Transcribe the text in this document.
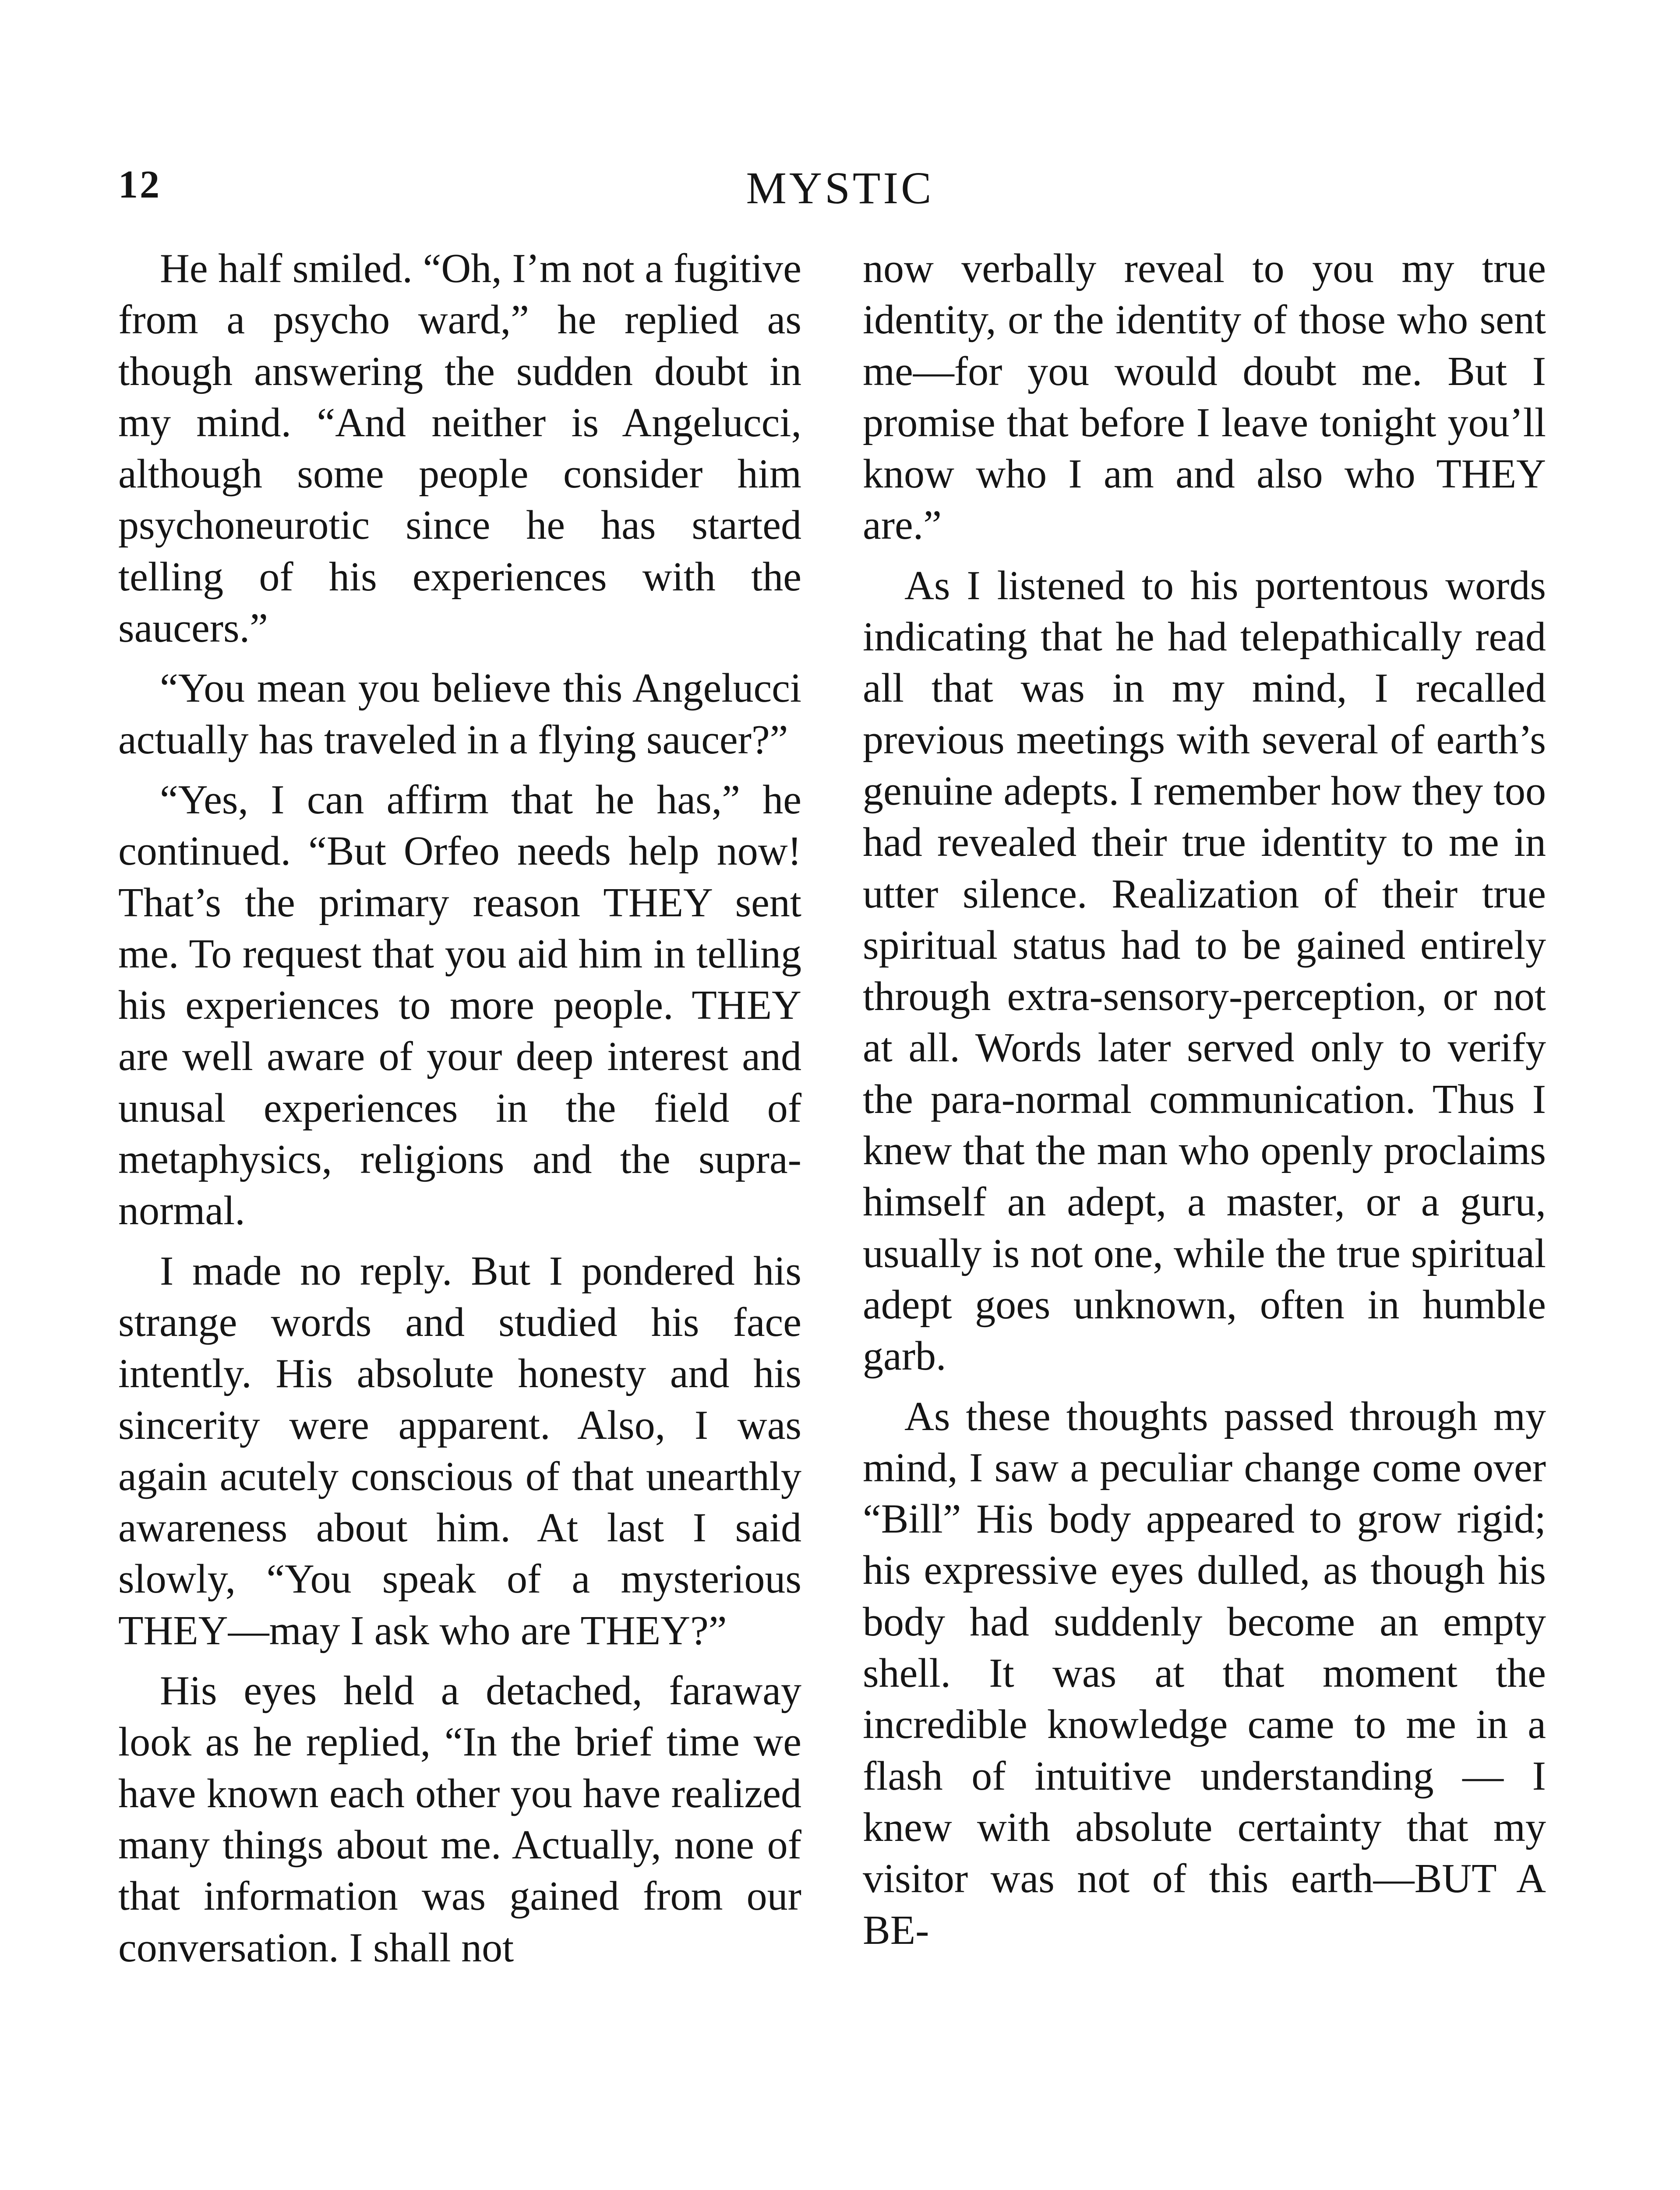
12	MYSTIC

He half smiled. “Oh, I’m not a fugitive from a psycho ward,” he replied as though answering the sudden doubt in my mind. “And neither is Angelucci, although some people consider him psychoneurotic since he has started telling of his experiences with the saucers.”

“You mean you believe this Angelucci actually has traveled in a flying saucer?”

“Yes, I can affirm that he has,” he continued. “But Orfeo needs help now! That’s the primary reason THEY sent me. To request that you aid him in telling his experiences to more people. THEY are well aware of your deep interest and unusal experiences in the field of metaphysics, religions and the supra-normal.

I made no reply. But I pondered his strange words and studied his face intently. His absolute honesty and his sincerity were apparent. Also, I was again acutely conscious of that unearthly awareness about him. At last I said slowly, “You speak of a mysterious THEY—may I ask who are THEY?”

His eyes held a detached, faraway look as he replied, “In the brief time we have known each other you have realized many things about me. Actually, none of that information was gained from our conversation. I shall not

now verbally reveal to you my true identity, or the identity of those who sent me—for you would doubt me. But I promise that before I leave tonight you’ll know who I am and also who THEY are.”

As I listened to his portentous words indicating that he had telepathically read all that was in my mind, I recalled previous meetings with several of earth’s genuine adepts. I remember how they too had revealed their true identity to me in utter silence. Realization of their true spiritual status had to be gained entirely through extra-sensory-perception, or not at all. Words later served only to verify the para-normal communication. Thus I knew that the man who openly proclaims himself an adept, a master, or a guru, usually is not one, while the true spiritual adept goes unknown, often in humble garb.

As these thoughts passed through my mind, I saw a peculiar change come over “Bill” His body appeared to grow rigid; his expressive eyes dulled, as though his body had suddenly become an empty shell. It was at that moment the incredible knowledge came to me in a flash of intuitive understanding — I knew with absolute certainty that my visitor was not of this earth—BUT A BE-
